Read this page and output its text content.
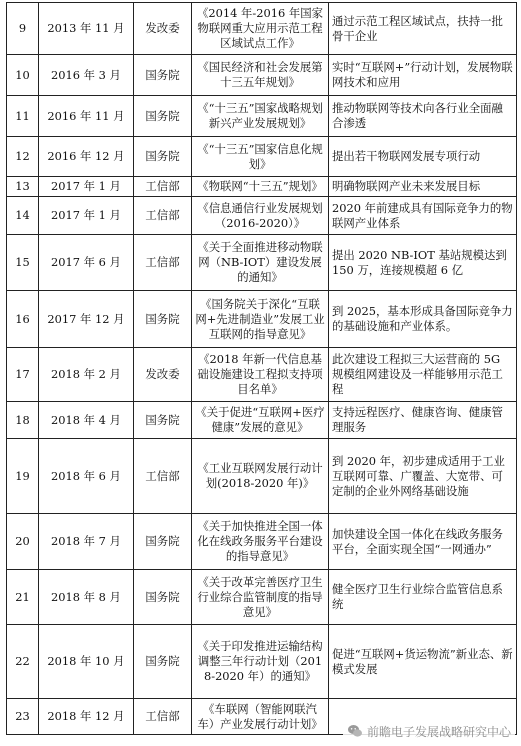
9	2013 年 11 月	发改委	《2014 年-2016 年国家物联网重大应用示范工程区域试点工作》	通过示范工程区域试点，扶持一批骨干企业
10	2016 年 3 月	国务院	《国民经济和社会发展第十三五年规划》	实时“互联网+”行动计划，发展物联网技术和应用
11	2016 年 11 月	国务院	《“十三五”国家战略规划新兴产业发展规划》	推动物联网等技术向各行业全面融合渗透
12	2016 年 12 月	国务院	《“十三五”国家信息化规划》	提出若干物联网发展专项行动
13	2017 年 1 月	工信部	《物联网“十三五”规划》	明确物联网产业未来发展目标
14	2017 年 1 月	工信部	《信息通信行业发展规划（2016-2020）》	2020 年前建成具有国际竞争力的物联网产业体系
15	2017 年 6 月	工信部	《关于全面推进移动物联网（NB-IOT）建设发展的通知》	提出 2020 NB-IOT 基站规模达到 150 万，连接规模超 6 亿
16	2017 年 12 月	国务院	《国务院关于深化“互联网+先进制造业”发展工业互联网的指导意见》	到 2025，基本形成具备国际竞争力的基础设施和产业体系。
17	2018 年 2 月	发改委	《2018 年新一代信息基础设施建设工程拟支持项目名单》	此次建设工程拟三大运营商的 5G 规模组网建设及一样能够用示范工程
18	2018 年 4 月	国务院	《关于促进“互联网+医疗健康”发展的意见》	支持远程医疗、健康咨询、健康管理服务
19	2018 年 6 月	工信部	《工业互联网发展行动计划(2018-2020 年)》	到 2020 年，初步建成适用于工业互联网可靠、广覆盖、大宽带、可定制的企业外网络基础设施
20	2018 年 7 月	国务院	《关于加快推进全国一体化在线政务服务平台建设的指导意见》	加快建设全国一体化在线政务服务平台，全面实现全国“一网通办”
21	2018 年 8 月	国务院	《关于改革完善医疗卫生行业综合监管制度的指导意见》	健全医疗卫生行业综合监管信息系统
22	2018 年 10 月	国务院	《关于印发推进运输结构调整三年行动计划（2018-2020 年）的通知》	促进“互联网+货运物流”新业态、新模式发展
23	2018 年 12 月	工信部	《车联网（智能网联汽车）产业发展行动计划》	
前瞻电子发展战略研究中心
